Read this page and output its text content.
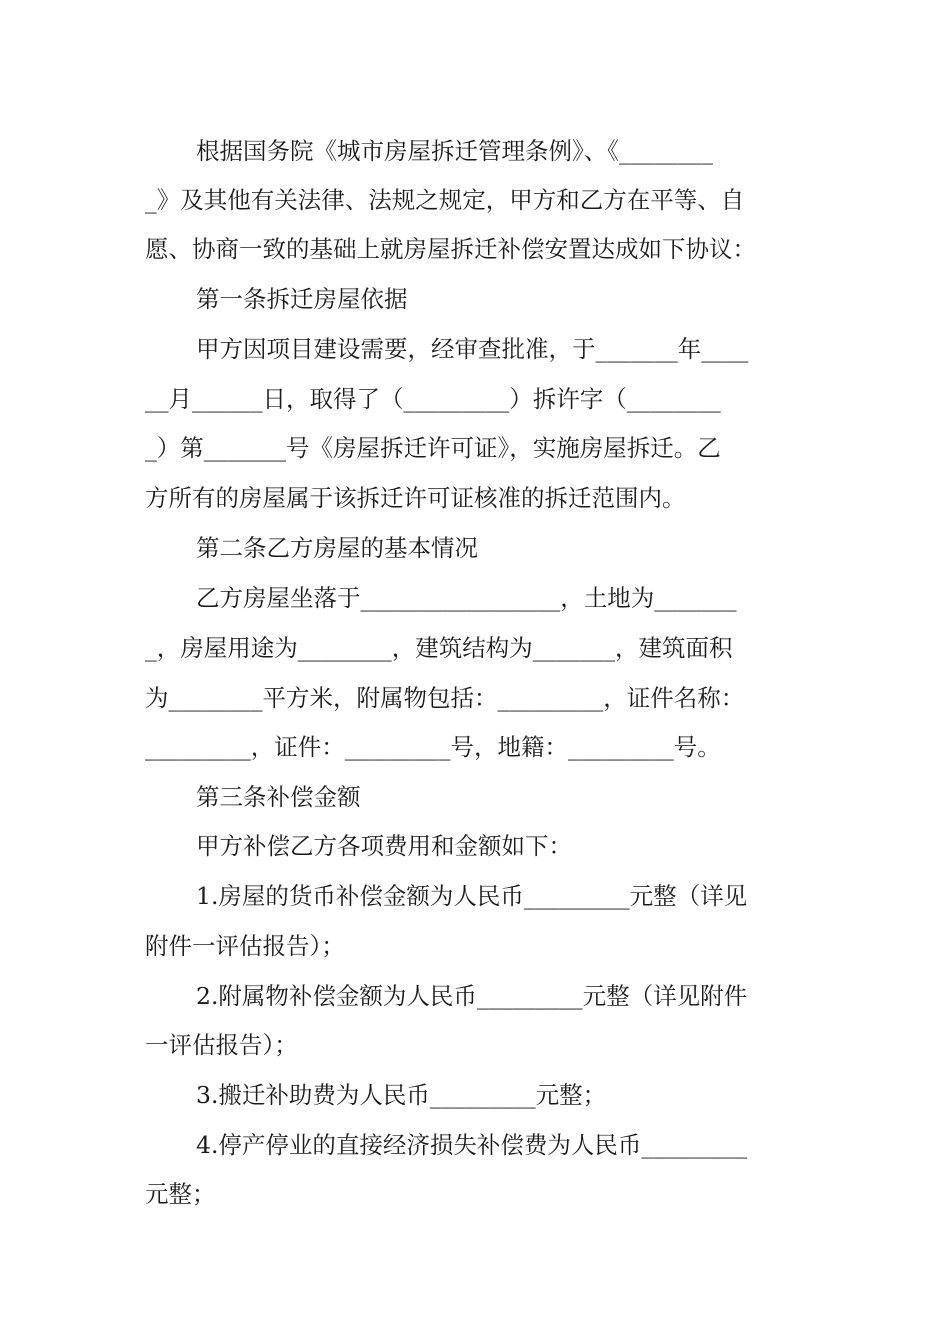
根据国务院《城市房屋拆迁管理条例》、《________
_》及其他有关法律、法规之规定，甲方和乙方在平等、自
愿、协商一致的基础上就房屋拆迁补偿安置达成如下协议：
第一条拆迁房屋依据
甲方因项目建设需要，经审查批准，于_______年____
__月______日，取得了（_________）拆许字（________
_）第_______号《房屋拆迁许可证》，实施房屋拆迁。乙
方所有的房屋属于该拆迁许可证核准的拆迁范围内。
第二条乙方房屋的基本情况
乙方房屋坐落于_________________，土地为_______
_，房屋用途为________，建筑结构为_______，建筑面积
为________平方米，附属物包括：_________，证件名称：
_________，证件：_________号，地籍：_________号。
第三条补偿金额
甲方补偿乙方各项费用和金额如下：
1.房屋的货币补偿金额为人民币_________元整（详见
附件一评估报告）；
2.附属物补偿金额为人民币_________元整（详见附件
一评估报告）；
3.搬迁补助费为人民币_________元整；
4.停产停业的直接经济损失补偿费为人民币_________
元整；
